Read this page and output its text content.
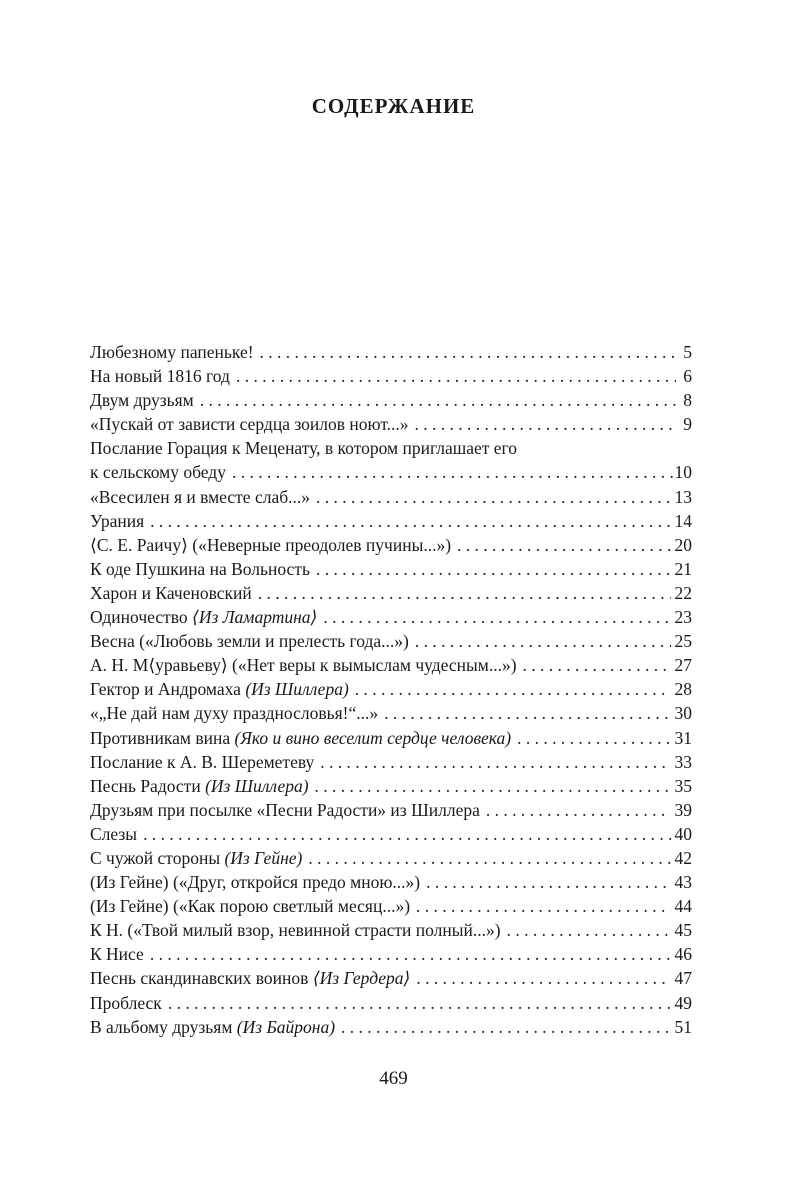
СОДЕРЖАНИЕ
Любезному папеньке! . . .	5
На новый 1816 год . . .	6
Двум друзьям . . .	8
«Пускай от зависти сердца зоилов ноют...» . . .	9
Послание Горация к Меценату, в котором приглашает его
к сельскому обеду . . .	10
«Всесилен я и вместе слаб...» . . .	13
Урания . . .	14
⟨С. Е. Раичу⟩ («Неверные преодолев пучины...») . . .	20
К оде Пушкина на Вольность . . .	21
Харон и Каченовский . . .	22
Одиночество ⟨Из Ламартина⟩ . . .	23
Весна («Любовь земли и прелесть года...») . . .	25
А. Н. М⟨уравьеву⟩ («Нет веры к вымыслам чудесным...») . . .	27
Гектор и Андромаха (Из Шиллера) . . .	28
«„Не дай нам духу празднословья!“...» . . .	30
Противникам вина (Яко и вино веселит сердце человека) . . .	31
Послание к А. В. Шереметеву . . .	33
Песнь Радости (Из Шиллера) . . .	35
Друзьям при посылке «Песни Радости» из Шиллера . . .	39
Слезы . . .	40
С чужой стороны (Из Гейне) . . .	42
(Из Гейне) («Друг, откройся предо мною...») . . .	43
(Из Гейне) («Как порою светлый месяц...») . . .	44
К Н. («Твой милый взор, невинной страсти полный...») . . .	45
К Нисе . . .	46
Песнь скандинавских воинов ⟨Из Гердера⟩ . . .	47
Проблеск . . .	49
В альбому друзьям (Из Байрона) . . .	51

469
